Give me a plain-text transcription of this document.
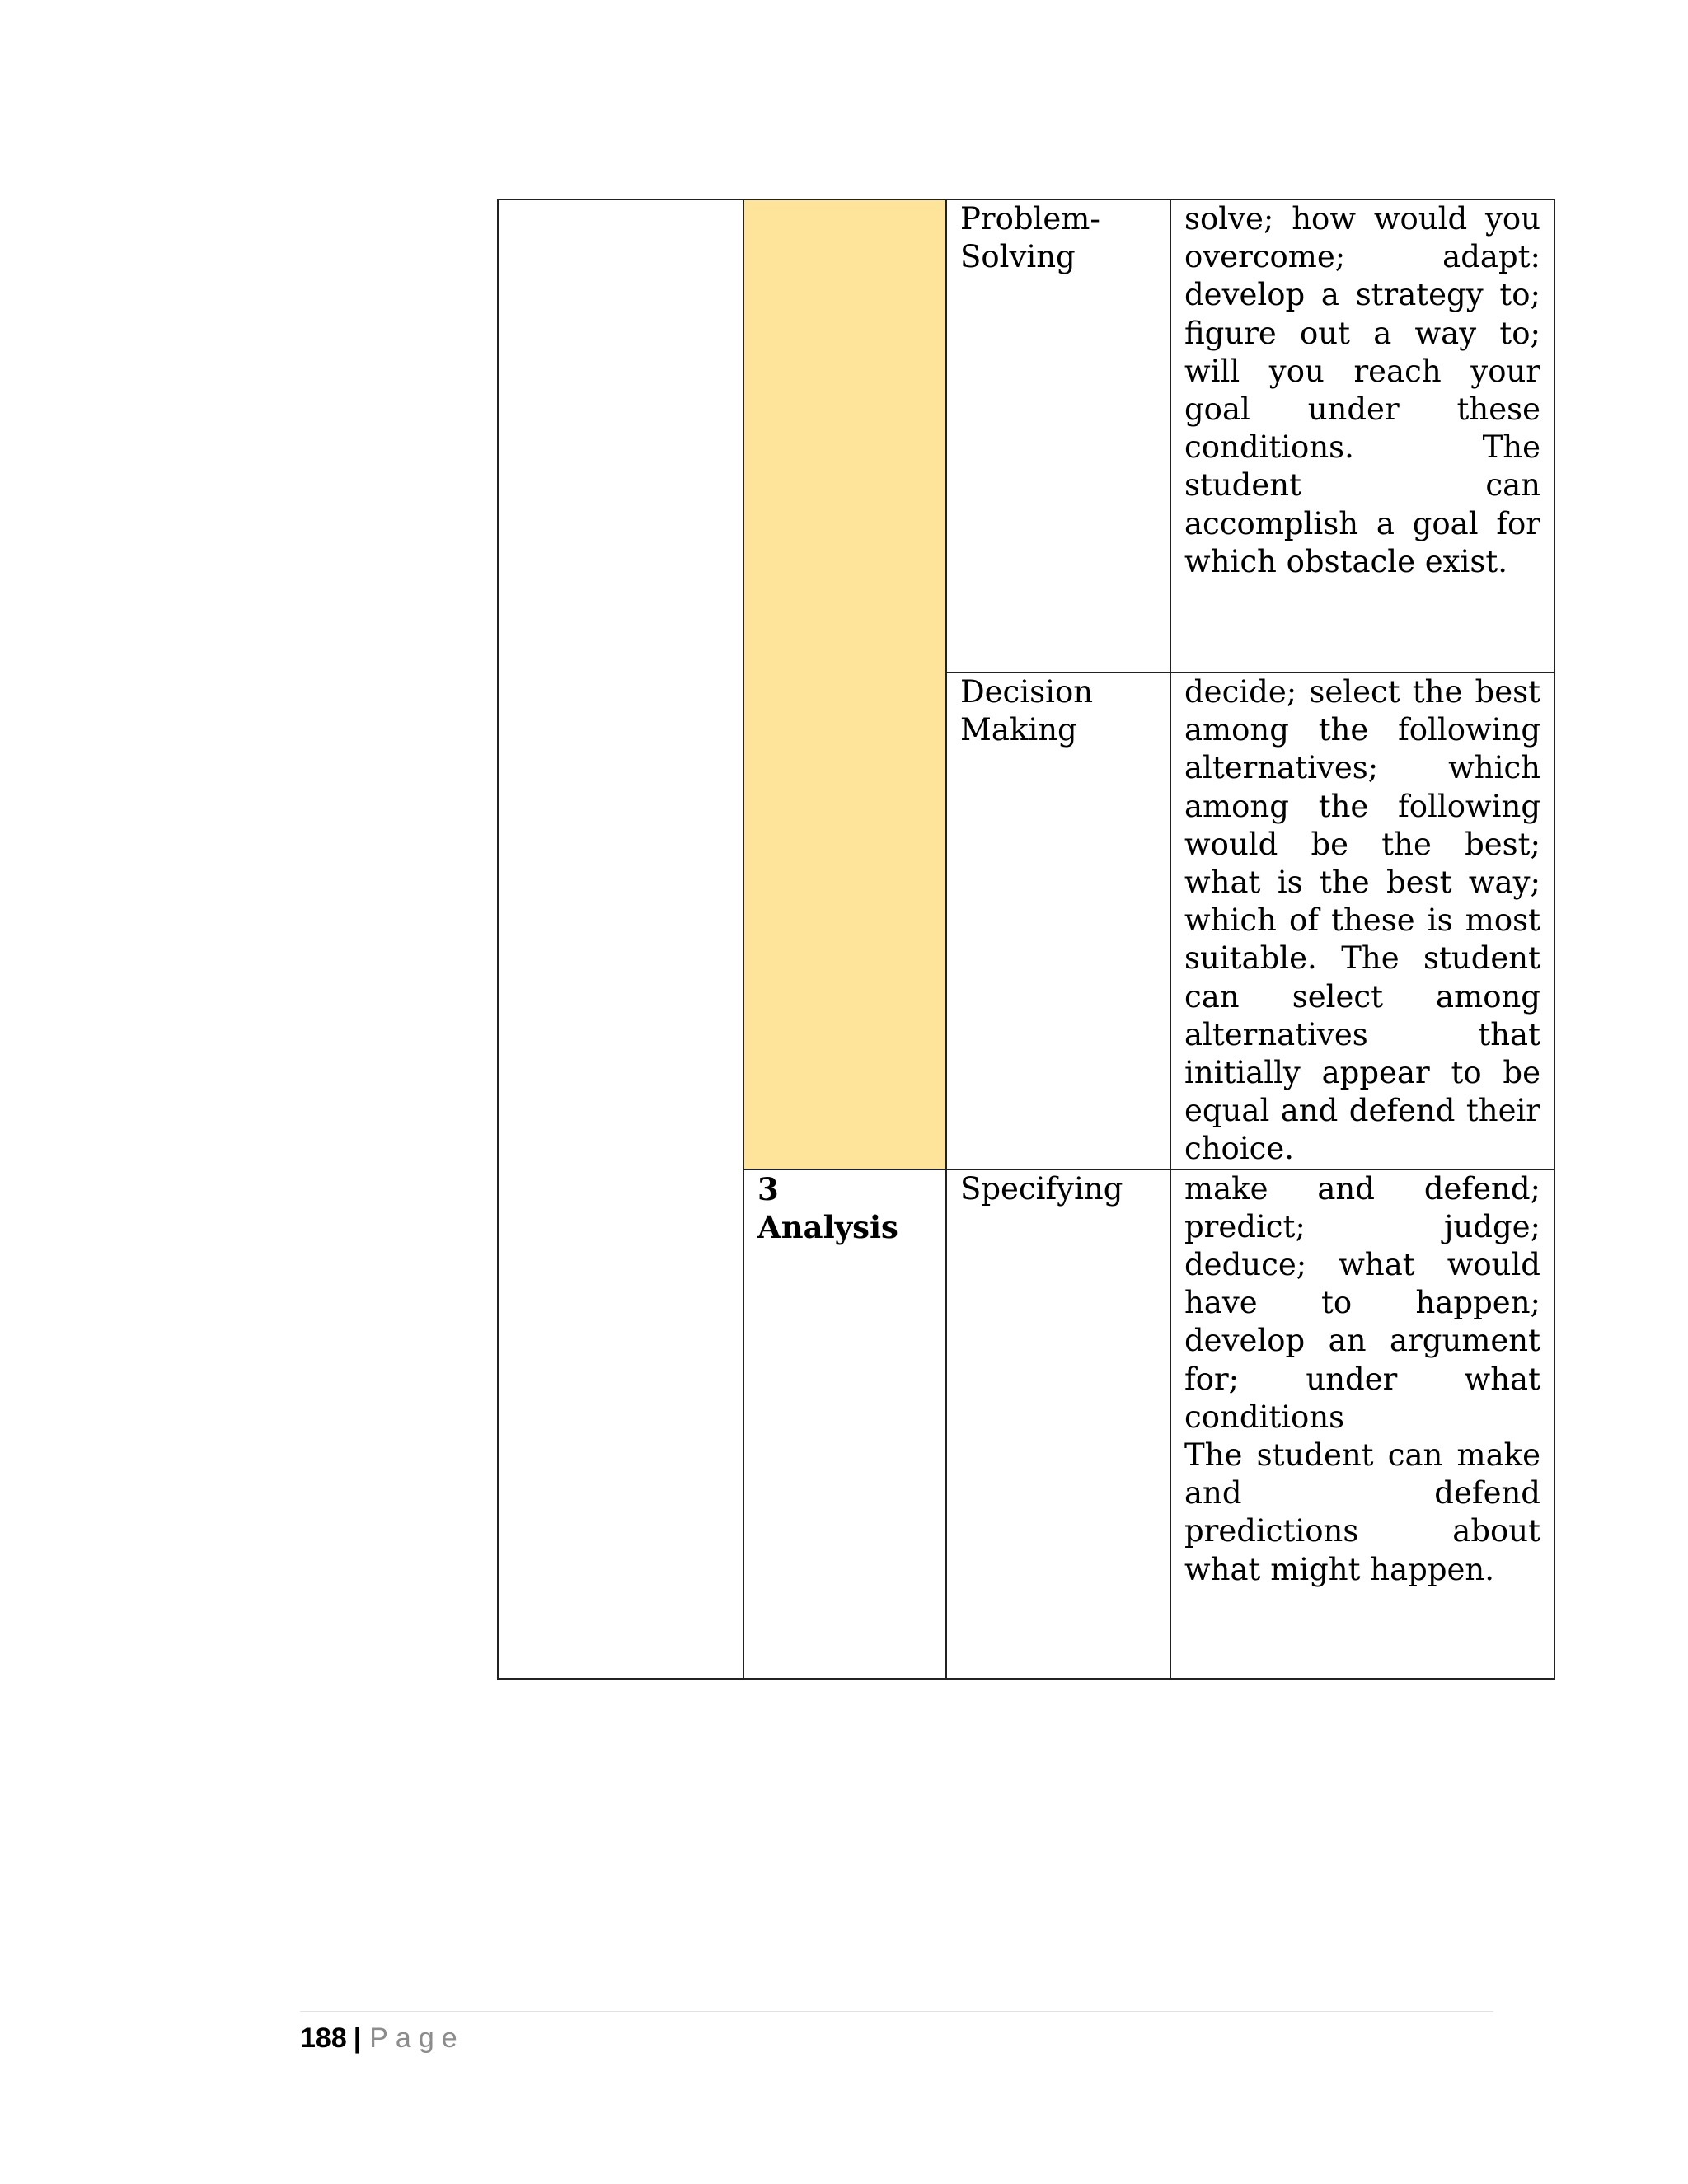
		Problem-Solving	solve; how would you overcome; adapt: develop a strategy to; figure out a way to; will you reach your goal under these conditions. The student can accomplish a goal for which obstacle exist.
		Decision Making	decide; select the best among the following alternatives; which among the following would be the best; what is the best way; which of these is most suitable. The student can select among alternatives that initially appear to be equal and defend their choice.

	3
Analysis	Specifying	make and defend; predict; judge; deduce; what would have to happen; develop an argument for; under what conditions
The student can make and defend predictions about what might happen.
188 | Page
